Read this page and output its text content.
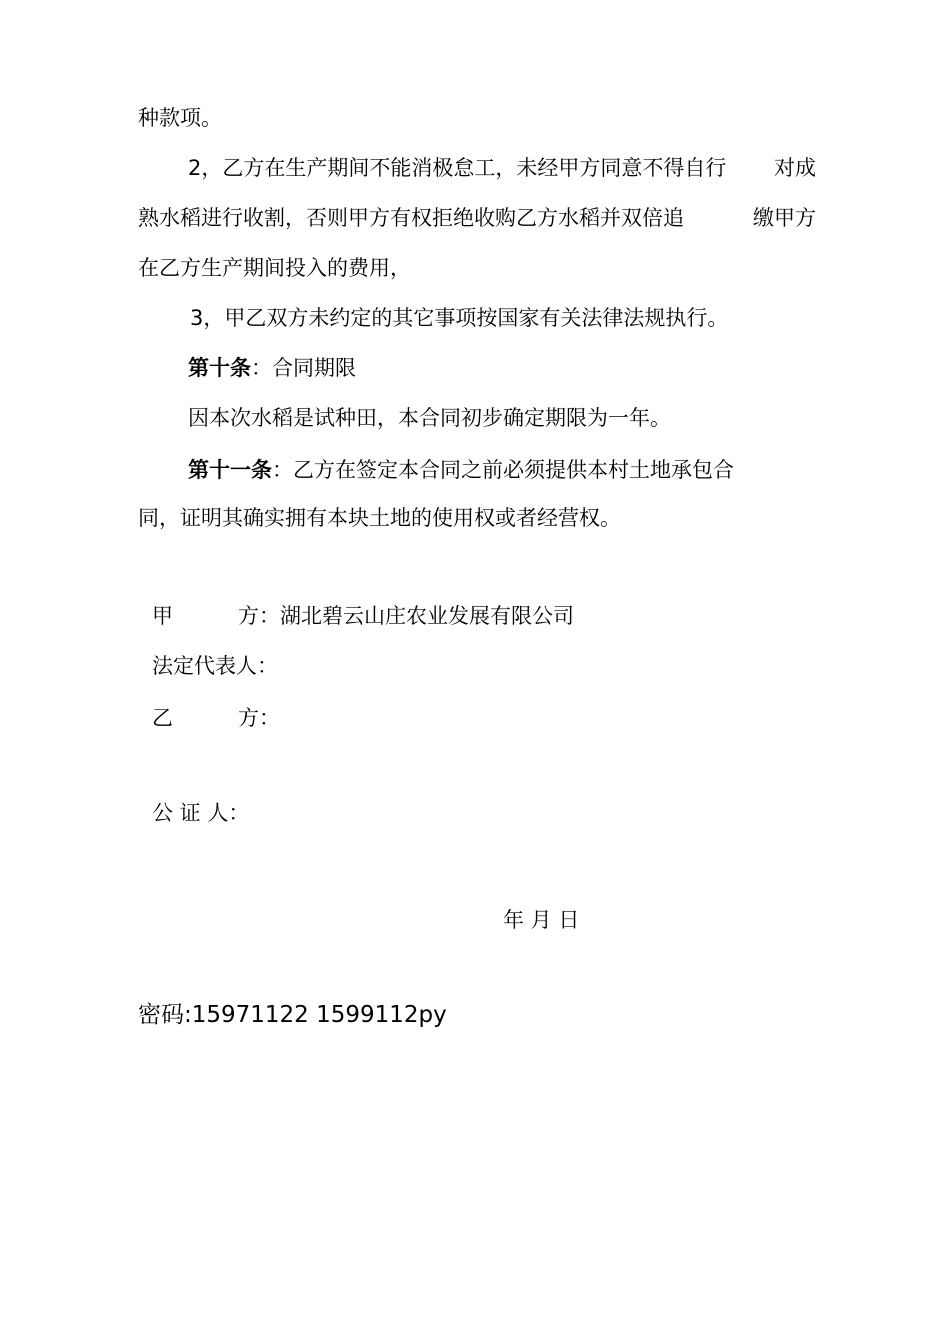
种款项。
2，乙方在生产期间不能消极怠工，未经甲方同意不得自行 对成
熟水稻进行收割，否则甲方有权拒绝收购乙方水稻并双倍追	缴甲方
在乙方生产期间投入的费用，
3，甲乙双方未约定的其它事项按国家有关法律法规执行。
第十条：合同期限
因本次水稻是试种田，本合同初步确定期限为一年。
第十一条：乙方在签定本合同之前必须提供本村土地承包合
同，证明其确实拥有本块土地的使用权或者经营权。
甲	方：湖北碧云山庄农业发展有限公司
法定代表人：
乙	方：
公 证 人：
年 月 日
密码:15971122 1599112py
